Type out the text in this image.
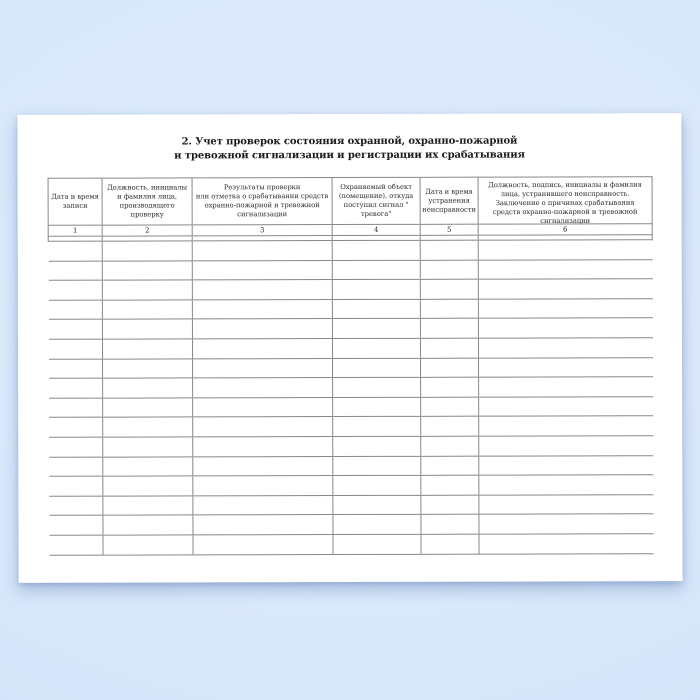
2. Учет проверок состояния охранной, охранно-пожарной
и тревожной сигнализации и регистрации их срабатывания
Дата и время
записи	Должность, инициалы
и фамилия лица,
производящего
проверку	Результаты проверки
или отметка о срабатывании средств
охранно-пожарной и тревожной
сигнализации	Охраняемый объект
(помещение), откуда
поступил сигнал "
тревога"	Дата и время
устранения
неисправности	Должность, подпись, инициалы и фамилия
лица, устранившего неисправность.
Заключение о причинах срабатывания
средств охранно-пожарной и тревожной
сигнализации

1	2	3	4	5	6
